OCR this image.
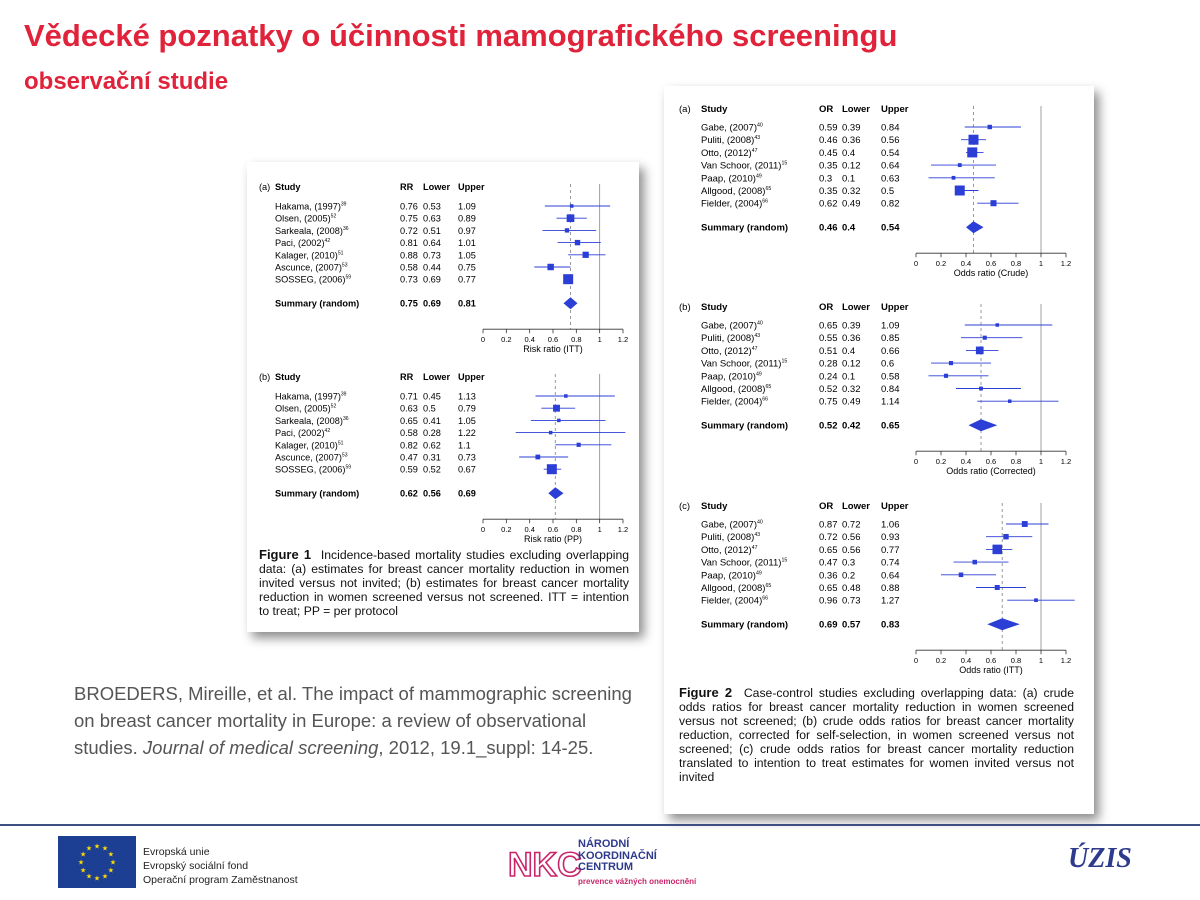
Vědecké poznatky o účinnosti mamografického screeningu
observační studie
(a) Study	RR Lower Upper
Hakama, $(1997)^{39}$	0.76 0.53 1.09
Olsen, $(2005)^{52}$	0.75 0.63 0.89
Sarkeala, $(2008)^{36}$	0.72 0.51 0.97
Paci, $(2002)^{42}$	0.81 0.64 1.01
Kalager, $(2010)^{51}$	0.88 0.73 1.05
Ascunce, $(2007)^{53}$	0.58 0.44 0.75
SOSSEG, $(2006)^{59}$	0.73 0.69 0.77
Summary (random)	0.75 0.69 0.81
0 0.2 0.4 0.6 0.8 1 1.2
Risk ratio (ITT)
(b) Study	RR Lower Upper
Hakama, $(1997)^{39}$	0.71 0.45 1.13
Olsen, $(2005)^{52}$	0.63 0.5 0.79
Sarkeala, $(2008)^{36}$	0.65 0.41 1.05
Paci, $(2002)^{42}$	0.58 0.28 1.22
Kalager, $(2010)^{51}$	0.82 0.62 1.1
Ascunce, $(2007)^{53}$	0.47 0.31 0.73
SOSSEG, $(2006)^{59}$	0.59 0.52 0.67
Summary (random)	0.62 0.56 0.69
0 0.2 0.4 0.6 0.8 1 1.2
Risk ratio (PP)
Figure 1 Incidence-based mortality studies excluding overlapping data: (a) estimates for breast cancer mortality reduction in women invited versus not invited; (b) estimates for breast cancer mortality reduction in women screened versus not screened. ITT = intention to treat; PP = per protocol
(a) Study	OR Lower Upper
Gabe, $(2007)^{40}$	0.59 0.39 0.84
Puliti, $(2008)^{43}$	0.46 0.36 0.56
Otto, $(2012)^{47}$	0.45 0.4	0.54
Van Schoor, $(2011)^{15}$	0.35 0.12 0.64
Paap, $(2010)^{49}$	0.3 0.1	0.63
Allgood, $(2008)^{65}$	0.35 0.32 0.5
Fielder, $(2004)^{66}$	0.62 0.49 0.82
Summary (random)	0.46 0.4	0.54
0 0.2 0.4 0.6 0.8 1 1.2
Odds ratio (Crude)
(b) Study	OR Lower Upper
Gabe, $(2007)^{40}$	0.65 0.39 1.09
Puliti, $(2008)^{43}$	0.55 0.36 0.85
Otto, $(2012)^{47}$	0.51 0.4	0.66
Van Schoor, $(2011)^{15}$	0.28 0.12 0.6
Paap, $(2010)^{49}$	0.24 0.1	0.58
Allgood, $(2008)^{65}$	0.52 0.32 0.84
Fielder, $(2004)^{66}$	0.75 0.49 1.14
Summary (random)	0.52 0.42 0.65
0 0.2 0.4 0.6 0.8 1 1.2
Odds ratio (Corrected)
(c) Study	OR Lower Upper
Gabe, $(2007)^{40}$	0.87 0.72 1.06
Puliti, $(2008)^{43}$	0.72 0.56 0.93
Otto, $(2012)^{47}$	0.65 0.56 0.77
Van Schoor, $(2011)^{15}$	0.47 0.3	0.74
Paap, $(2010)^{49}$	0.36 0.2	0.64
Allgood, $(2008)^{65}$	0.65 0.48 0.88
Fielder, $(2004)^{66}$	0.96 0.73 1.27
Summary (random)	0.69 0.57 0.83
0 0.2 0.4 0.6 0.8 1 1.2
Odds ratio (ITT)
Figure 2 Case-control studies excluding overlapping data: (a) crude odds ratios for breast cancer mortality reduction in women screened versus not screened; (b) crude odds ratios for breast cancer mortality reduction, corrected for self-selection, in women screened versus not screened; (c) crude odds ratios for breast cancer mortality reduction translated to intention to treat estimates for women invited versus not invited
BROEDERS, Mireille, et al. The impact of mammographic screening on breast cancer mortality in Europe: a review of observational studies. Journal of medical screening, 2012, 19.1_suppl: 14-25.
★
★
★
★
★
★
★
★
★ ★ ★
★	Evropská unie
Evropský sociální fond
Operační program Zaměstnanost	NKC
NÁRODNÍ
KOORDINAČNÍ
CENTRUM
prevence vážných onemocnění
ÚZIS
